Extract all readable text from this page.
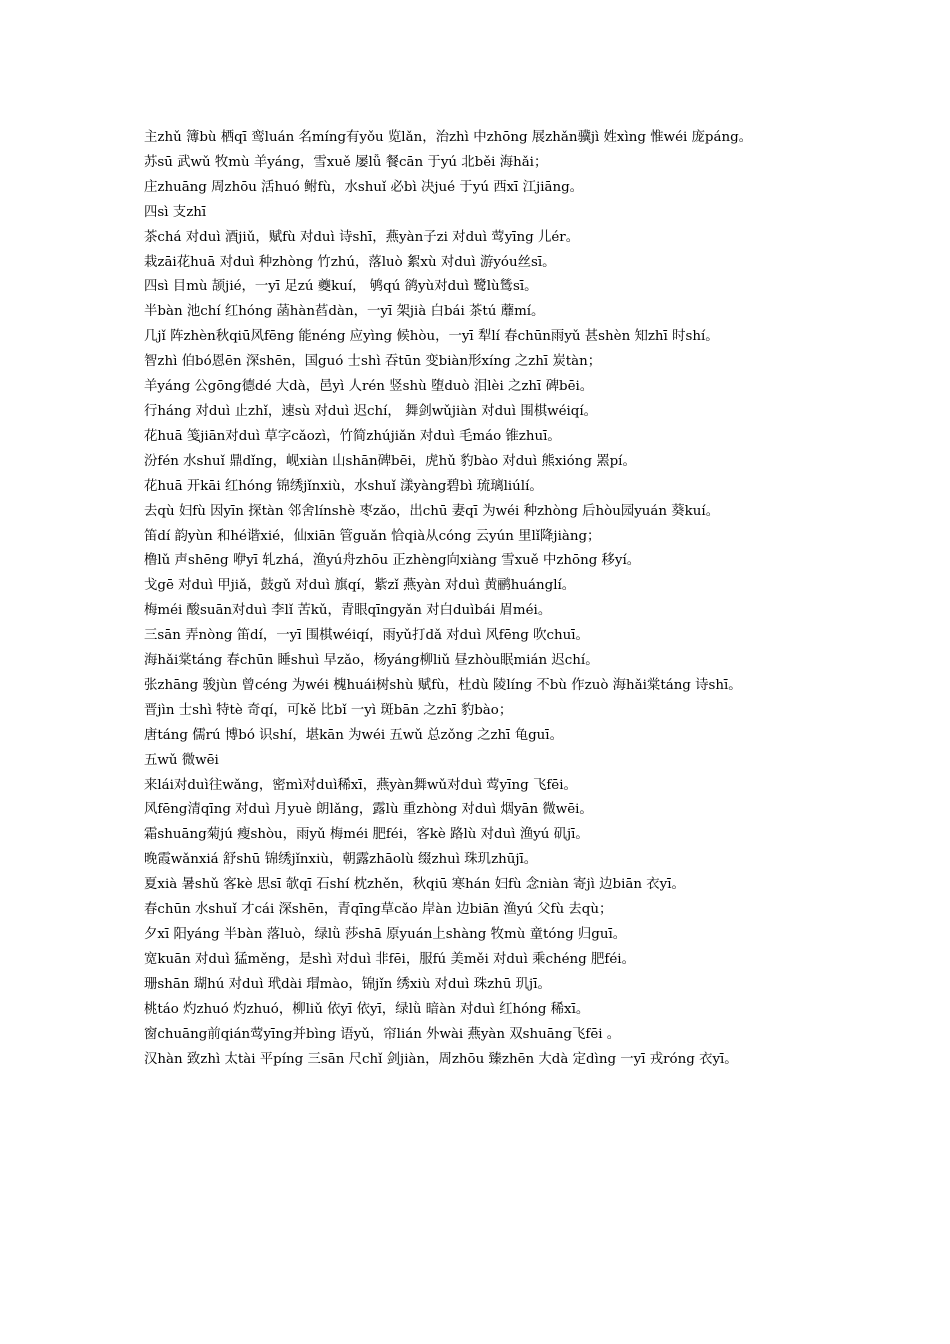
主zhǔ 簿bù 栖qī 鸾luán 名míng有yǒu 览lǎn，治zhì 中zhōng 展zhǎn骥jì 姓xìng 惟wéi 庞páng。

苏sū 武wǔ 牧mù 羊yáng，雪xuě 屡lǚ 餐cān 于yú 北běi 海hǎi；

庄zhuāng 周zhōu 活huó 鲋fù，水shuǐ 必bì 决jué 于yú 西xī 江jiāng。

四sì 支zhī

茶chá 对duì 酒jiǔ，赋fù 对duì 诗shī，燕yàn子zi 对duì 莺yīng 儿ér。

栽zāi花huā 对duì 种zhòng 竹zhú，落luò 絮xù 对duì 游yóu丝sī。

四sì 目mù 颉jié，一yī 足zú 夔kuí， 鸲qú 鹆yù对duì 鹭lù鸶sī。

半bàn 池chí 红hóng 菡hàn萏dàn，一yī 架jià 白bái 茶tú 蘼mí。

几jǐ 阵zhèn秋qiū风fēng 能néng 应yìng 候hòu，一yī 犁lí 春chūn雨yǔ 甚shèn 知zhī 时shí。

智zhì 伯bó恩ēn 深shēn，国guó 士shì 吞tūn 变biàn形xíng 之zhī 炭tàn；

羊yáng 公gōng德dé 大dà，邑yì 人rén 竖shù 堕duò 泪lèi 之zhī 碑bēi。

行háng 对duì 止zhǐ，速sù 对duì 迟chí， 舞剑wǔjiàn 对duì 围棋wéiqí。

花huā 笺jiān对duì 草字cǎozì，竹简zhújiǎn 对duì 毛máo 锥zhuī。

汾fén 水shuǐ 鼎dǐng，岘xiàn 山shān碑bēi，虎hǔ 豹bào 对duì 熊xióng 罴pí。

花huā 开kāi 红hóng 锦绣jǐnxiù，水shuǐ 漾yàng碧bì 琉璃liúlí。

去qù 妇fù 因yīn 探tàn 邻舍línshè 枣zǎo，出chū 妻qī 为wéi 种zhòng 后hòu园yuán 葵kuí。

笛dí 韵yùn 和hé谐xié，仙xiān 管guǎn 恰qià从cóng 云yún 里lǐ降jiàng；

橹lǔ 声shēng 咿yī 轧zhá，渔yú舟zhōu 正zhèng向xiàng 雪xuě 中zhōng 移yí。

戈gē 对duì 甲jiǎ，鼓gǔ 对duì 旗qí，紫zǐ 燕yàn 对duì 黄鹂huánglí。

梅méi 酸suān对duì 李lǐ 苦kǔ，青眼qīngyǎn 对白duìbái 眉méi。

三sān 弄nòng 笛dí，一yī 围棋wéiqí，雨yǔ打dǎ 对duì 风fēng 吹chuī。

海hǎi棠táng 春chūn 睡shuì 早zǎo，杨yáng柳liǔ 昼zhòu眠mián 迟chí。

张zhāng 骏jùn 曾céng 为wéi 槐huái树shù 赋fù，杜dù 陵líng 不bù 作zuò 海hǎi棠táng 诗shī。

晋jìn 士shì 特tè 奇qí，可kě 比bǐ 一yì 斑bān 之zhī 豹bào；

唐táng 儒rú 博bó 识shí，堪kān 为wéi 五wǔ 总zǒng 之zhī 龟guī。

五wǔ 微wēi

来lái对duì往wǎng，密mì对duì稀xī，燕yàn舞wǔ对duì 莺yīng 飞fēi。

风fēng清qīng 对duì 月yuè 朗lǎng，露lù 重zhòng 对duì 烟yān 微wēi。

霜shuāng菊jú 瘦shòu，雨yǔ 梅méi 肥féi，客kè 路lù 对duì 渔yú 矶jī。

晚霞wǎnxiá 舒shū 锦绣jǐnxiù，朝露zhāolù 缀zhuì 珠玑zhūjī。

夏xià 暑shǔ 客kè 思sī 欹qī 石shí 枕zhěn，秋qiū 寒hán 妇fù 念niàn 寄jì 边biān 衣yī。

春chūn 水shuǐ 才cái 深shēn，青qīng草cǎo 岸àn 边biān 渔yú 父fù 去qù；

夕xī 阳yáng 半bàn 落luò，绿lǜ 莎shā 原yuán上shàng 牧mù 童tóng 归guī。

宽kuān 对duì 猛měng，是shì 对duì 非fēi，服fú 美měi 对duì 乘chéng 肥féi。

珊shān 瑚hú 对duì 玳dài 瑁mào，锦jǐn 绣xiù 对duì 珠zhū 玑jī。

桃táo 灼zhuó 灼zhuó，柳liǔ 依yī 依yī，绿lǜ 暗àn 对duì 红hóng 稀xī。

窗chuāng前qián莺yīng并bìng 语yǔ，帘lián 外wài 燕yàn 双shuāng飞fēi 。

汉hàn 致zhì 太tài 平píng 三sān 尺chǐ 剑jiàn，周zhōu 臻zhēn 大dà 定dìng 一yī 戎róng 衣yī。
